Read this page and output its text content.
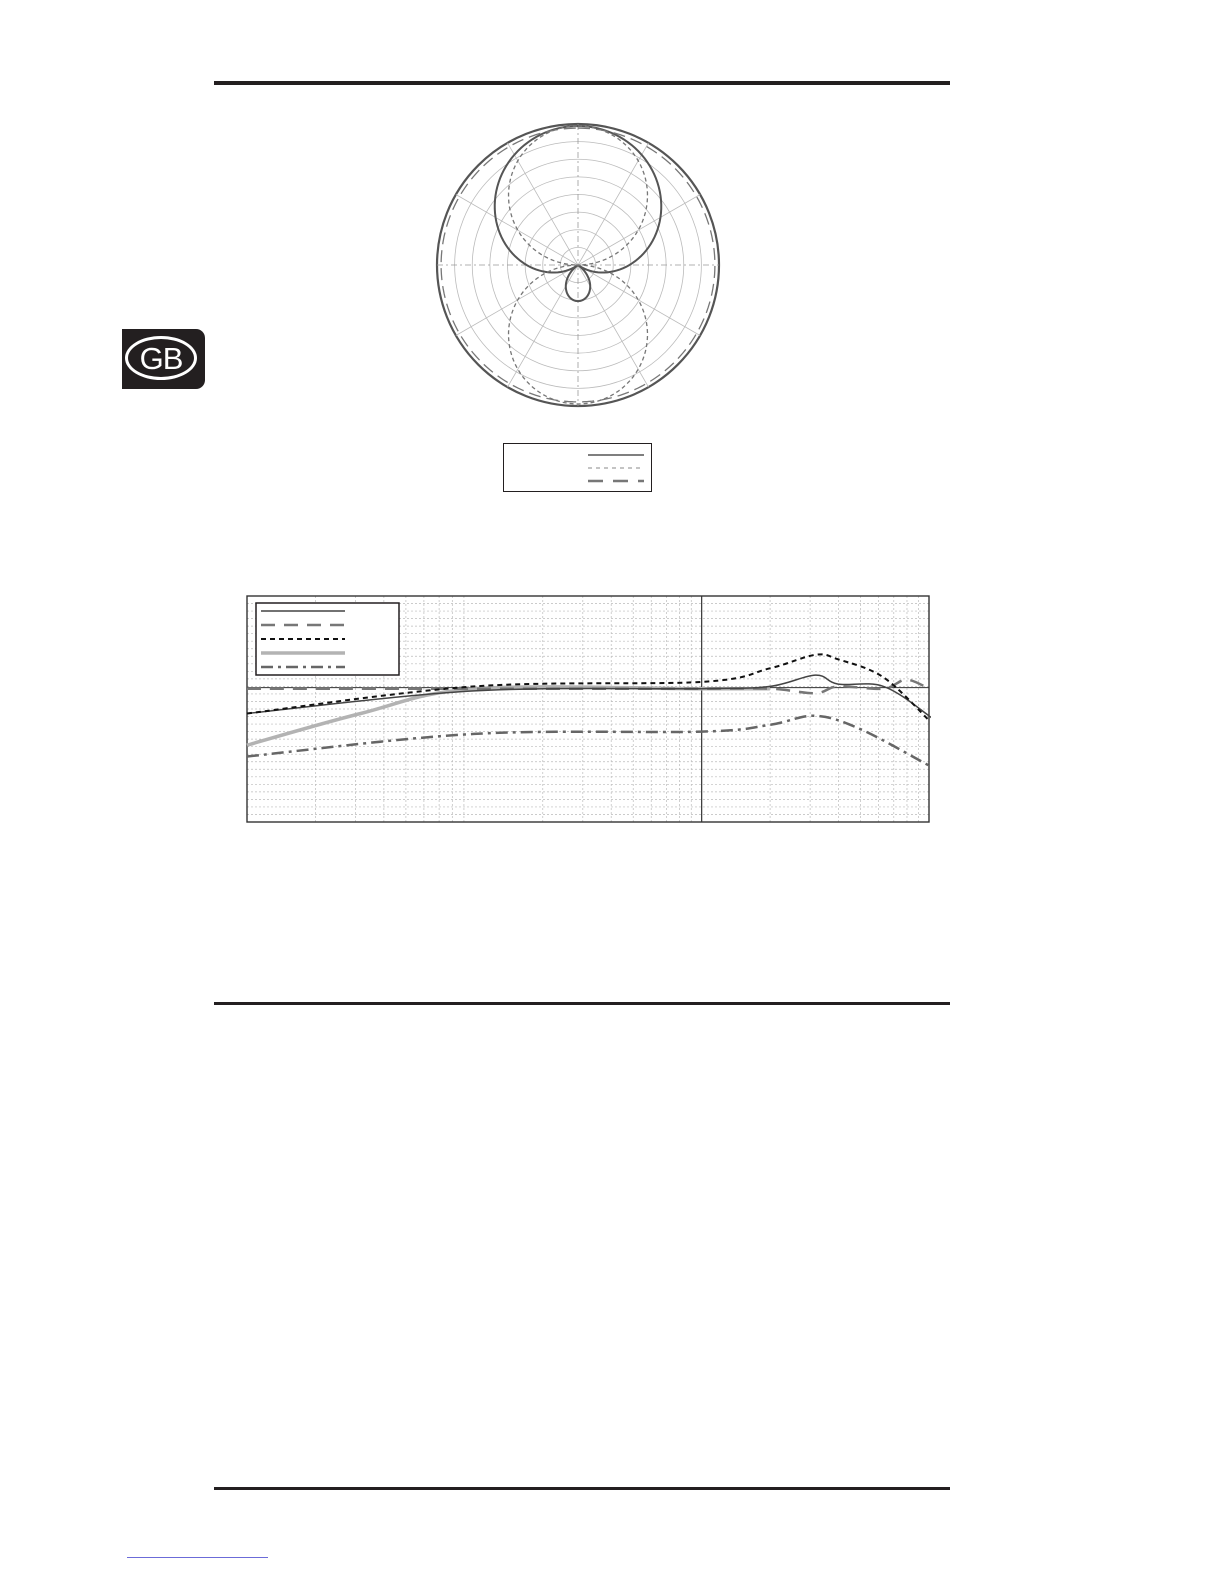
GB
